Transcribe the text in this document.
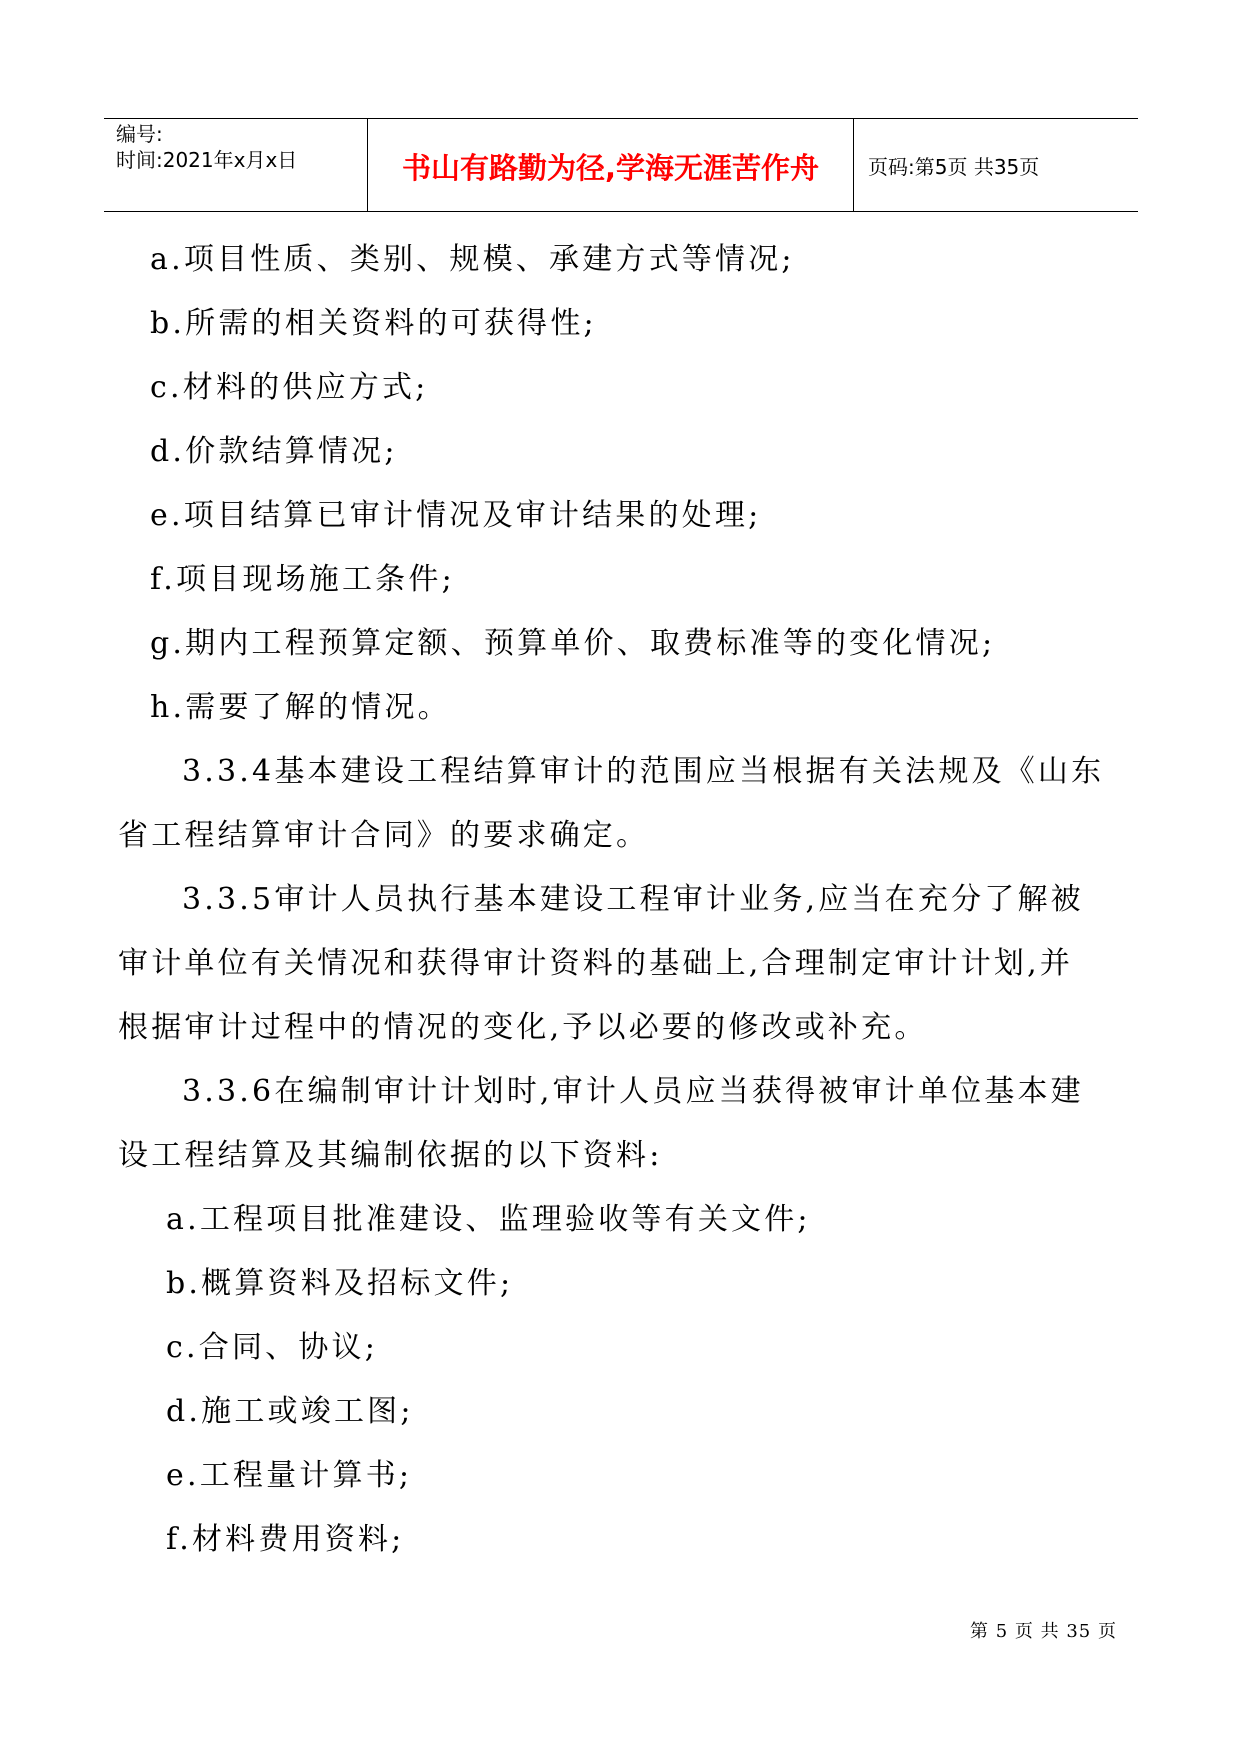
编号:
时间:2021年x月x日	书山有路勤为径,学海无涯苦作舟 页码:第5页 共35页
a.项目性质、类别、规模、承建方式等情况;
b.所需的相关资料的可获得性;
c.材料的供应方式;
d.价款结算情况;
e.项目结算已审计情况及审计结果的处理;
f.项目现场施工条件;
g.期内工程预算定额、预算单价、取费标准等的变化情况;
h.需要了解的情况。
3.3.4基本建设工程结算审计的范围应当根据有关法规及《山东
省工程结算审计合同》的要求确定。
3.3.5审计人员执行基本建设工程审计业务,应当在充分了解被
审计单位有关情况和获得审计资料的基础上,合理制定审计计划,并
根据审计过程中的情况的变化,予以必要的修改或补充。
3.3.6在编制审计计划时,审计人员应当获得被审计单位基本建
设工程结算及其编制依据的以下资料:
a.工程项目批准建设、监理验收等有关文件;
b.概算资料及招标文件;
c.合同、协议;
d.施工或竣工图;
e.工程量计算书;
f.材料费用资料;
第 5 页 共 35 页
